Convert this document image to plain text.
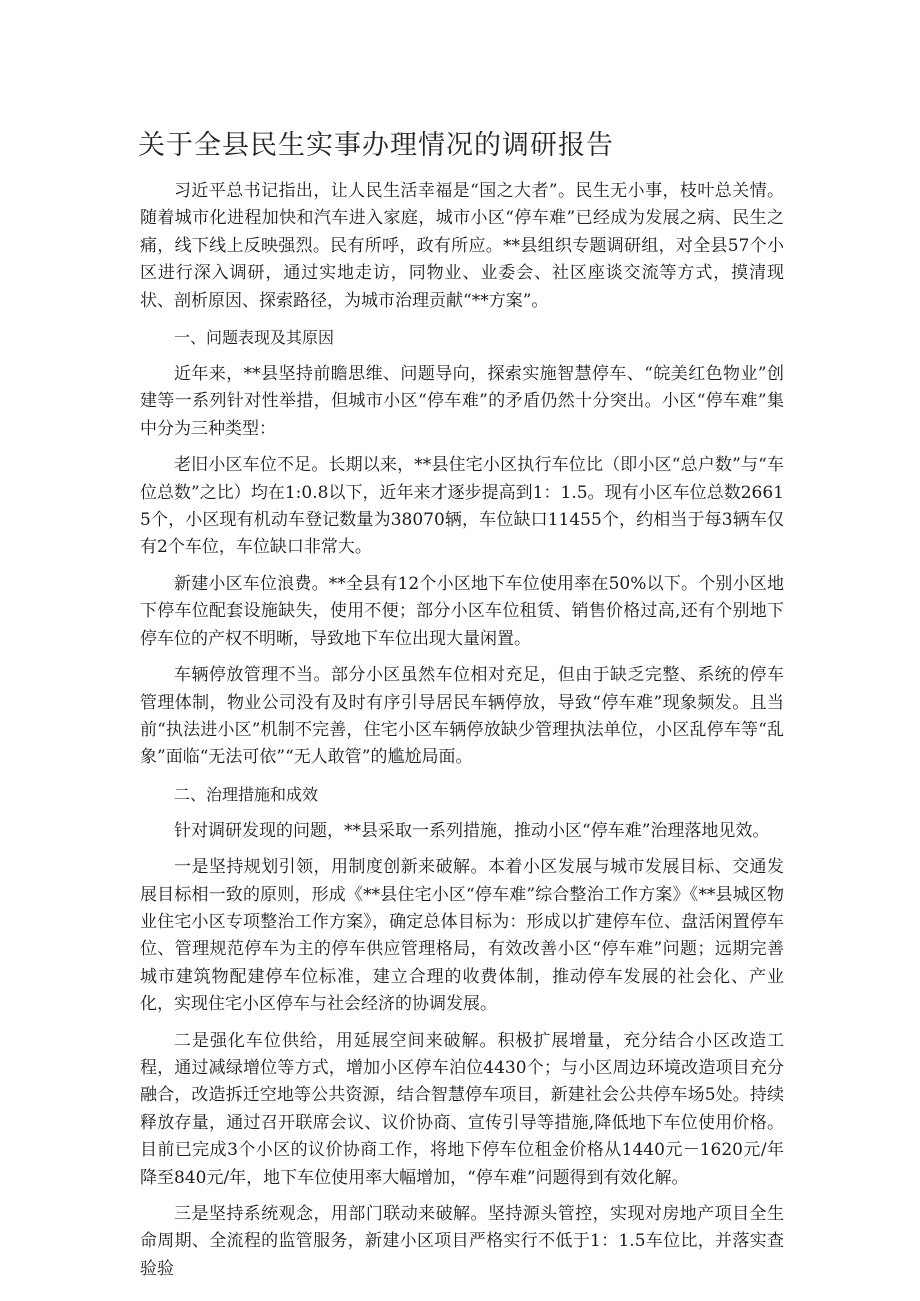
关于全县民生实事办理情况的调研报告

习近平总书记指出，让人民生活幸福是“国之大者”。民生无小事，枝叶总关情。随着城市化进程加快和汽车进入家庭，城市小区“停车难”已经成为发展之病、民生之痛，线下线上反映强烈。民有所呼，政有所应。**县组织专题调研组，对全县57个小区进行深入调研，通过实地走访，同物业、业委会、社区座谈交流等方式，摸清现状、剖析原因、探索路径，为城市治理贡献“**方案”。

一、问题表现及其原因

近年来，**县坚持前瞻思维、问题导向，探索实施智慧停车、“皖美红色物业”创建等一系列针对性举措，但城市小区“停车难”的矛盾仍然十分突出。小区“停车难”集中分为三种类型：

老旧小区车位不足。长期以来，**县住宅小区执行车位比（即小区“总户数”与“车位总数”之比）均在1:0.8以下，近年来才逐步提高到1：1.5。现有小区车位总数26615个，小区现有机动车登记数量为38070辆，车位缺口11455个，约相当于每3辆车仅有2个车位，车位缺口非常大。

新建小区车位浪费。**全县有12个小区地下车位使用率在50%以下。个别小区地下停车位配套设施缺失，使用不便；部分小区车位租赁、销售价格过高,还有个别地下停车位的产权不明晰，导致地下车位出现大量闲置。

车辆停放管理不当。部分小区虽然车位相对充足，但由于缺乏完整、系统的停车管理体制，物业公司没有及时有序引导居民车辆停放，导致“停车难”现象频发。且当前“执法进小区”机制不完善，住宅小区车辆停放缺少管理执法单位，小区乱停车等“乱象”面临“无法可依”“无人敢管”的尴尬局面。

二、治理措施和成效

针对调研发现的问题，**县采取一系列措施，推动小区“停车难”治理落地见效。

一是坚持规划引领，用制度创新来破解。本着小区发展与城市发展目标、交通发展目标相一致的原则，形成《**县住宅小区“停车难”综合整治工作方案》《**县城区物业住宅小区专项整治工作方案》，确定总体目标为：形成以扩建停车位、盘活闲置停车位、管理规范停车为主的停车供应管理格局，有效改善小区“停车难”问题；远期完善城市建筑物配建停车位标准，建立合理的收费体制，推动停车发展的社会化、产业化，实现住宅小区停车与社会经济的协调发展。

二是强化车位供给，用延展空间来破解。积极扩展增量，充分结合小区改造工程，通过减绿增位等方式，增加小区停车泊位4430个；与小区周边环境改造项目充分融合，改造拆迁空地等公共资源，结合智慧停车项目，新建社会公共停车场5处。持续释放存量，通过召开联席会议、议价协商、宣传引导等措施,降低地下车位使用价格。目前已完成3个小区的议价协商工作，将地下停车位租金价格从1440元－1620元/年降至840元/年，地下车位使用率大幅增加，“停车难”问题得到有效化解。

三是坚持系统观念，用部门联动来破解。坚持源头管控，实现对房地产项目全生命周期、全流程的监管服务，新建小区项目严格实行不低于1：1.5车位比，并落实查验验
